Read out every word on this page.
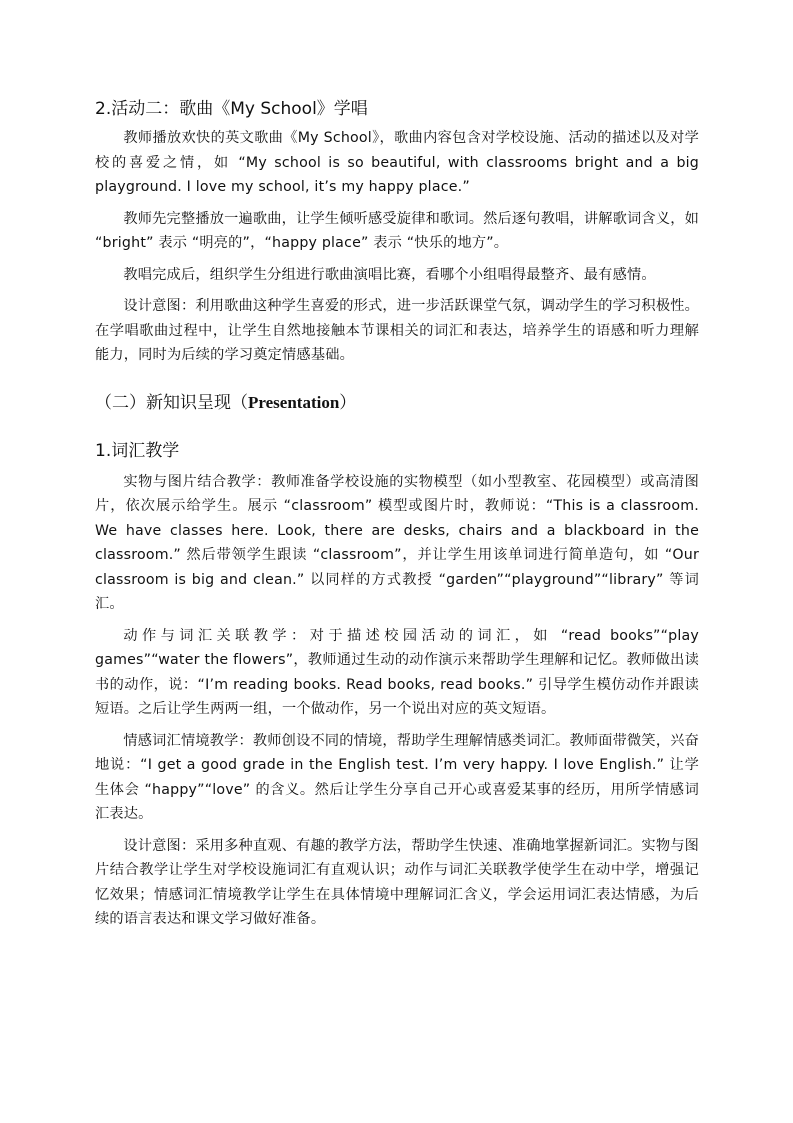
2.活动二：歌曲《My School》学唱

教师播放欢快的英文歌曲《My School》，歌曲内容包含对学校设施、活动的描述以及对学校的喜爱之情，如 “My school is so beautiful, with classrooms bright and a big playground. I love my school, it’s my happy place.”

教师先完整播放一遍歌曲，让学生倾听感受旋律和歌词。然后逐句教唱，讲解歌词含义，如 “bright” 表示 “明亮的”，“happy place” 表示 “快乐的地方”。

教唱完成后，组织学生分组进行歌曲演唱比赛，看哪个小组唱得最整齐、最有感情。

设计意图：利用歌曲这种学生喜爱的形式，进一步活跃课堂气氛，调动学生的学习积极性。在学唱歌曲过程中，让学生自然地接触本节课相关的词汇和表达，培养学生的语感和听力理解能力，同时为后续的学习奠定情感基础。

（二）新知识呈现（Presentation）
1.词汇教学

实物与图片结合教学：教师准备学校设施的实物模型（如小型教室、花园模型）或高清图片，依次展示给学生。展示 “classroom” 模型或图片时，教师说：“This is a classroom. We have classes here. Look, there are desks, chairs and a blackboard in the classroom.” 然后带领学生跟读 “classroom”，并让学生用该单词进行简单造句，如 “Our classroom is big and clean.” 以同样的方式教授 “garden”“playground”“library” 等词汇。

动作与词汇关联教学：对于描述校园活动的词汇，如 “read books”“play games”“water the flowers”，教师通过生动的动作演示来帮助学生理解和记忆。教师做出读书的动作，说：“I’m reading books. Read books, read books.” 引导学生模仿动作并跟读短语。之后让学生两两一组，一个做动作，另一个说出对应的英文短语。

情感词汇情境教学：教师创设不同的情境，帮助学生理解情感类词汇。教师面带微笑，兴奋地说：“I get a good grade in the English test. I’m very happy. I love English.” 让学生体会 “happy”“love” 的含义。然后让学生分享自己开心或喜爱某事的经历，用所学情感词汇表达。

设计意图：采用多种直观、有趣的教学方法，帮助学生快速、准确地掌握新词汇。实物与图片结合教学让学生对学校设施词汇有直观认识；动作与词汇关联教学使学生在动中学，增强记忆效果；情感词汇情境教学让学生在具体情境中理解词汇含义，学会运用词汇表达情感，为后续的语言表达和课文学习做好准备。
